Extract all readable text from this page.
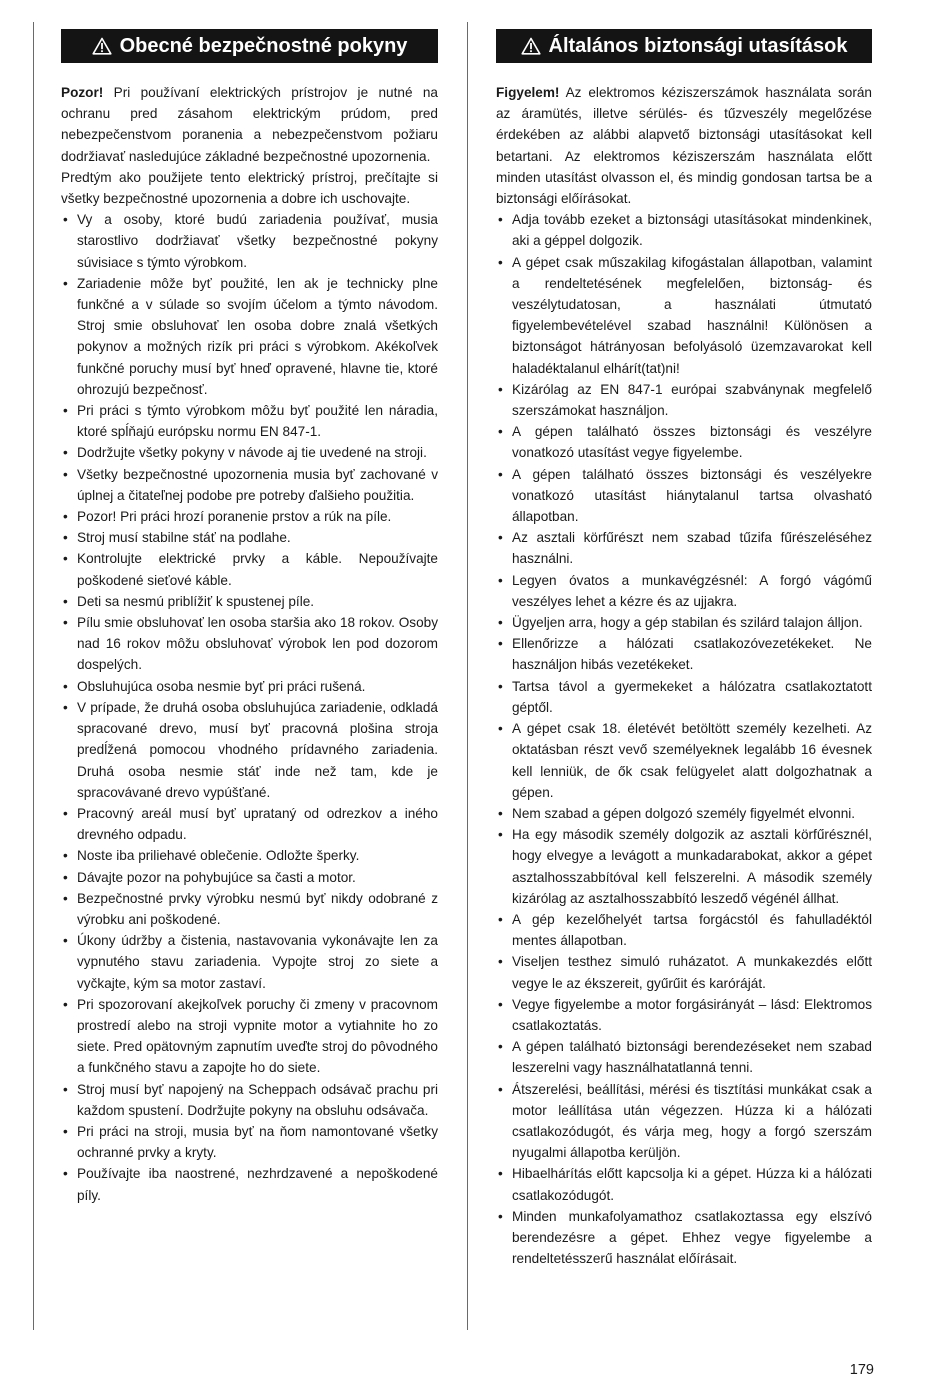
Obecné bezpečnostné pokyny

Pozor! Pri používaní elektrických prístrojov je nutné na ochranu pred zásahom elektrickým prúdom, pred nebezpečenstvom poranenia a nebezpečenstvom požiaru dodržiavať nasledujúce základné bezpečnostné upozornenia.

Predtým ako použijete tento elektrický prístroj, prečítajte si všetky bezpečnostné upozornenia a dobre ich uschovajte.

• Vy a osoby, ktoré budú zariadenia používať, musia starostlivo dodržiavať všetky bezpečnostné pokyny súvisiace s týmto výrobkom.
• Zariadenie môže byť použité, len ak je technicky plne funkčné a v súlade so svojím účelom a týmto návodom. Stroj smie obsluhovať len osoba dobre znalá všetkých pokynov a možných rizík pri práci s výrobkom. Akékoľvek funkčné poruchy musí byť hneď opravené, hlavne tie, ktoré ohrozujú bezpečnosť.
• Pri práci s týmto výrobkom môžu byť použité len náradia, ktoré spĺňajú európsku normu EN 847-1.
• Dodržujte všetky pokyny v návode aj tie uvedené na stroji.
• Všetky bezpečnostné upozornenia musia byť zachované v úplnej a čitateľnej podobe pre potreby ďalšieho použitia.
• Pozor! Pri práci hrozí poranenie prstov a rúk na píle.
• Stroj musí stabilne stáť na podlahe.
• Kontrolujte elektrické prvky a káble. Nepoužívajte poškodené sieťové káble.
• Deti sa nesmú priblížiť k spustenej píle.
• Pílu smie obsluhovať len osoba staršia ako 18 rokov. Osoby nad 16 rokov môžu obsluhovať výrobok len pod dozorom dospelých.
• Obsluhujúca osoba nesmie byť pri práci rušená.
• V prípade, že druhá osoba obsluhujúca zariadenie, odkladá spracované drevo, musí byť pracovná plošina stroja predĺžená pomocou vhodného prídavného zariadenia. Druhá osoba nesmie stáť inde než tam, kde je spracovávané drevo vypúšťané.
• Pracovný areál musí byť uprataný od odrezkov a iného drevného odpadu.
• Noste iba priliehavé oblečenie. Odložte šperky.
• Dávajte pozor na pohybujúce sa časti a motor.
• Bezpečnostné prvky výrobku nesmú byť nikdy odobrané z výrobku ani poškodené.
• Úkony údržby a čistenia, nastavovania vykonávajte len za vypnutého stavu zariadenia. Vypojte stroj zo siete a vyčkajte, kým sa motor zastaví.
• Pri spozorovaní akejkoľvek poruchy či zmeny v pracovnom prostredí alebo na stroji vypnite motor a vytiahnite ho zo siete. Pred opätovným zapnutím uveďte stroj do pôvodného a funkčného stavu a zapojte ho do siete.
• Stroj musí byť napojený na Scheppach odsávač prachu pri každom spustení. Dodržujte pokyny na obsluhu odsávača.
• Pri práci na stroji, musia byť na ňom namontované všetky ochranné prvky a kryty.
• Používajte iba naostrené, nezhrdzavené a nepoškodené píly.
Általános biztonsági utasítások

Figyelem! Az elektromos kéziszerszámok használata során az áramütés, illetve sérülés- és tűzveszély megelőzése érdekében az alábbi alapvető biztonsági utasításokat kell betartani. Az elektromos kéziszerszám használata előtt minden utasítást olvasson el, és mindig gondosan tartsa be a biztonsági előírásokat.

• Adja tovább ezeket a biztonsági utasításokat mindenkinek, aki a géppel dolgozik.
• A gépet csak műszakilag kifogástalan állapotban, valamint a rendeltetésének megfelelően, biztonság- és veszélytudatosan, a használati útmutató figyelembevételével szabad használni! Különösen a biztonságot hátrányosan befolyásoló üzemzavarokat kell haladéktalanul elhárít(tat)ni!
• Kizárólag az EN 847-1 európai szabványnak megfelelő szerszámokat használjon.
• A gépen található összes biztonsági és veszélyre vonatkozó utasítást vegye figyelembe.
• A gépen található összes biztonsági és veszélyekre vonatkozó utasítást hiánytalanul tartsa olvasható állapotban.
• Az asztali körfűrészt nem szabad tűzifa fűrészeléséhez használni.
• Legyen óvatos a munkavégzésnél: A forgó vágómű veszélyes lehet a kézre és az ujjakra.
• Ügyeljen arra, hogy a gép stabilan és szilárd talajon álljon.
• Ellenőrizze a hálózati csatlakozóvezetékeket. Ne használjon hibás vezetékeket.
• Tartsa távol a gyermekeket a hálózatra csatlakoztatott géptől.
• A gépet csak 18. életévét betöltött személy kezelheti. Az oktatásban részt vevő személyeknek legalább 16 évesnek kell lenniük, de ők csak felügyelet alatt dolgozhatnak a gépen.
• Nem szabad a gépen dolgozó személy figyelmét elvonni.
• Ha egy második személy dolgozik az asztali körfűrésznél, hogy elvegye a levágott a munkadarabokat, akkor a gépet asztalhosszabbítóval kell felszerelni. A második személy kizárólag az asztalhosszabbító leszedő végénél állhat.
• A gép kezelőhelyét tartsa forgácstól és fahulladéktól mentes állapotban.
• Viseljen testhez simuló ruházatot. A munkakezdés előtt vegye le az ékszereit, gyűrűit és karóráját.
• Vegye figyelembe a motor forgásirányát – lásd: Elektromos csatlakoztatás.
• A gépen található biztonsági berendezéseket nem szabad leszerelni vagy használhatatlanná tenni.
• Átszerelési, beállítási, mérési és tisztítási munkákat csak a motor leállítása után végezzen. Húzza ki a hálózati csatlakozódugót, és várja meg, hogy a forgó szerszám nyugalmi állapotba kerüljön.
• Hibaelhárítás előtt kapcsolja ki a gépet. Húzza ki a hálózati csatlakozódugót.
• Minden munkafolyamathoz csatlakoztassa egy elszívó berendezésre a gépet. Ehhez vegye figyelembe a rendeltetésszerű használat előírásait.
179
